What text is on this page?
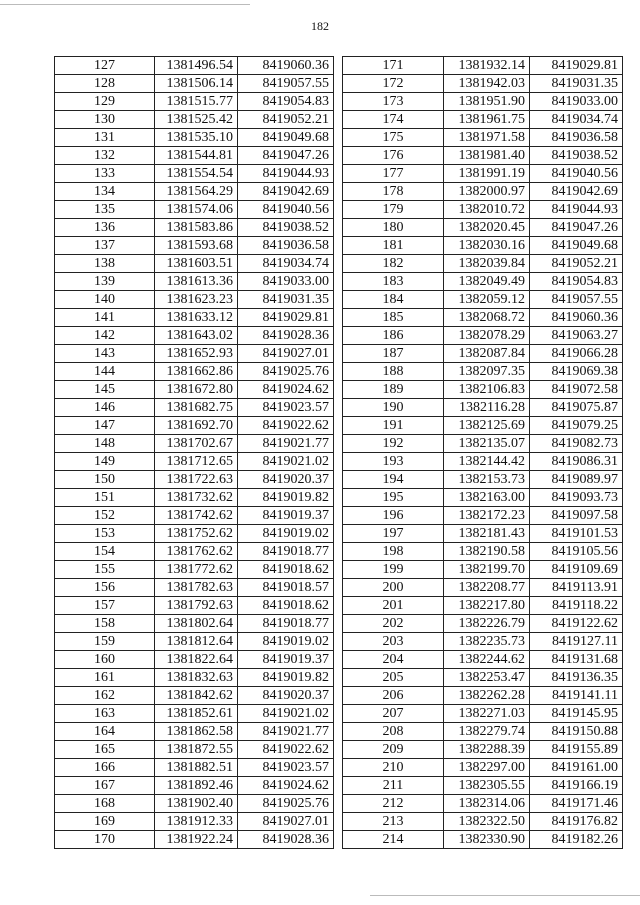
182
127	1381496.54	8419060.36
128	1381506.14	8419057.55
129	1381515.77	8419054.83
130	1381525.42	8419052.21
131	1381535.10	8419049.68
132	1381544.81	8419047.26
133	1381554.54	8419044.93
134	1381564.29	8419042.69
135	1381574.06	8419040.56
136	1381583.86	8419038.52
137	1381593.68	8419036.58
138	1381603.51	8419034.74
139	1381613.36	8419033.00
140	1381623.23	8419031.35
141	1381633.12	8419029.81
142	1381643.02	8419028.36
143	1381652.93	8419027.01
144	1381662.86	8419025.76
145	1381672.80	8419024.62
146	1381682.75	8419023.57
147	1381692.70	8419022.62
148	1381702.67	8419021.77
149	1381712.65	8419021.02
150	1381722.63	8419020.37
151	1381732.62	8419019.82
152	1381742.62	8419019.37
153	1381752.62	8419019.02
154	1381762.62	8419018.77
155	1381772.62	8419018.62
156	1381782.63	8419018.57
157	1381792.63	8419018.62
158	1381802.64	8419018.77
159	1381812.64	8419019.02
160	1381822.64	8419019.37
161	1381832.63	8419019.82
162	1381842.62	8419020.37
163	1381852.61	8419021.02
164	1381862.58	8419021.77
165	1381872.55	8419022.62
166	1381882.51	8419023.57
167	1381892.46	8419024.62
168	1381902.40	8419025.76
169	1381912.33	8419027.01
170	1381922.24	8419028.36
171	1381932.14	8419029.81
172	1381942.03	8419031.35
173	1381951.90	8419033.00
174	1381961.75	8419034.74
175	1381971.58	8419036.58
176	1381981.40	8419038.52
177	1381991.19	8419040.56
178	1382000.97	8419042.69
179	1382010.72	8419044.93
180	1382020.45	8419047.26
181	1382030.16	8419049.68
182	1382039.84	8419052.21
183	1382049.49	8419054.83
184	1382059.12	8419057.55
185	1382068.72	8419060.36
186	1382078.29	8419063.27
187	1382087.84	8419066.28
188	1382097.35	8419069.38
189	1382106.83	8419072.58
190	1382116.28	8419075.87
191	1382125.69	8419079.25
192	1382135.07	8419082.73
193	1382144.42	8419086.31
194	1382153.73	8419089.97
195	1382163.00	8419093.73
196	1382172.23	8419097.58
197	1382181.43	8419101.53
198	1382190.58	8419105.56
199	1382199.70	8419109.69
200	1382208.77	8419113.91
201	1382217.80	8419118.22
202	1382226.79	8419122.62
203	1382235.73	8419127.11
204	1382244.62	8419131.68
205	1382253.47	8419136.35
206	1382262.28	8419141.11
207	1382271.03	8419145.95
208	1382279.74	8419150.88
209	1382288.39	8419155.89
210	1382297.00	8419161.00
211	1382305.55	8419166.19
212	1382314.06	8419171.46
213	1382322.50	8419176.82
214	1382330.90	8419182.26
